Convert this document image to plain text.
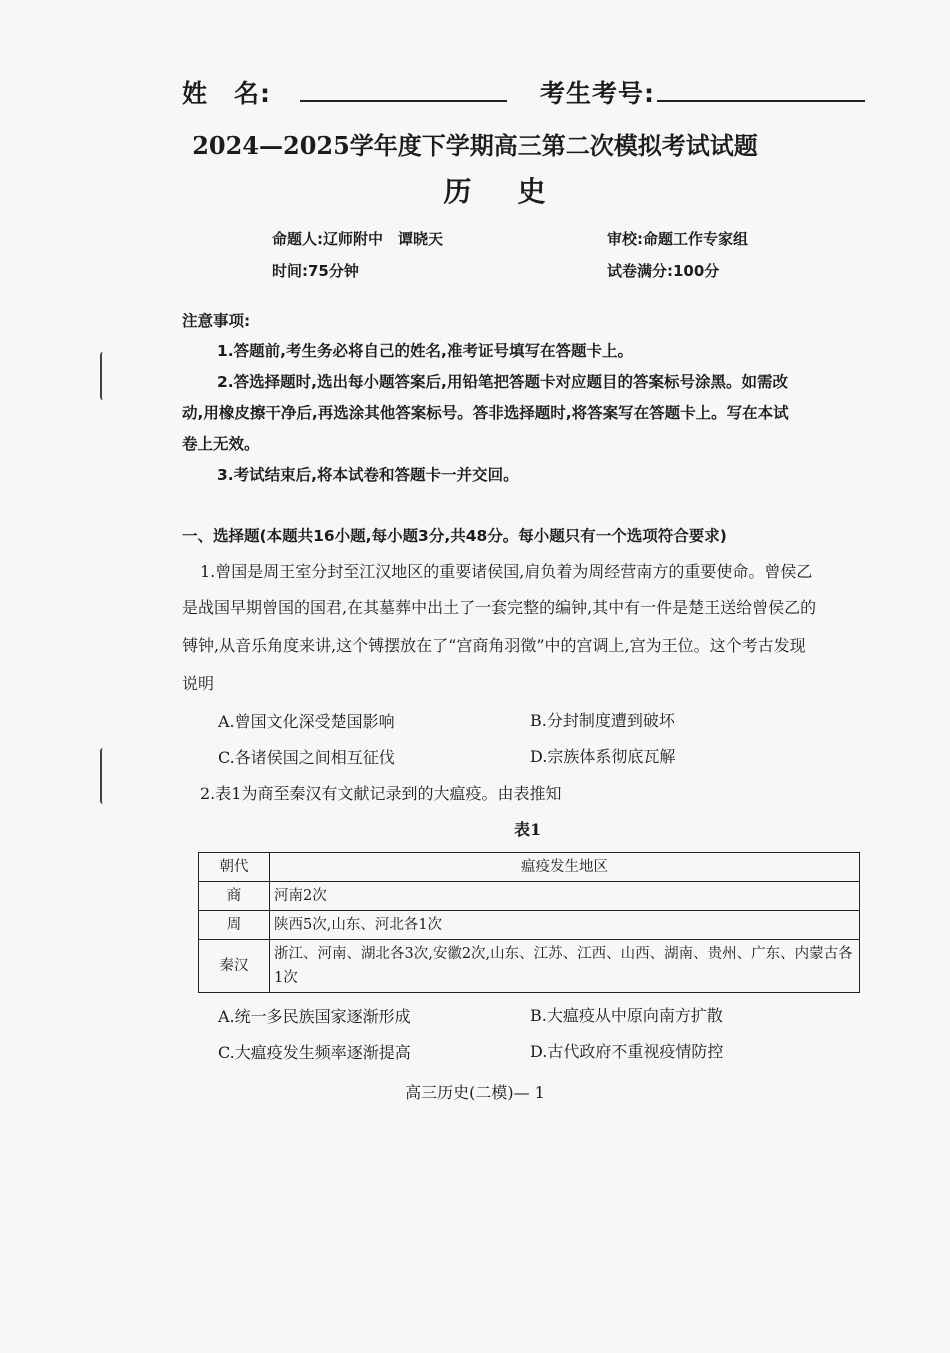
姓　名:	考生考号:
2024—2025学年度下学期高三第二次模拟考试试题
历史
命题人:辽师附中　谭晓天	审校:命题工作专家组
时间:75分钟	试卷满分:100分
注意事项:
1.答题前,考生务必将自己的姓名,准考证号填写在答题卡上。
2.答选择题时,选出每小题答案后,用铅笔把答题卡对应题目的答案标号涂黑。如需改
动,用橡皮擦干净后,再选涂其他答案标号。答非选择题时,将答案写在答题卡上。写在本试
卷上无效。
3.考试结束后,将本试卷和答题卡一并交回。
一、选择题(本题共16小题,每小题3分,共48分。每小题只有一个选项符合要求)
1.曾国是周王室分封至江汉地区的重要诸侯国,肩负着为周经营南方的重要使命。曾侯乙
是战国早期曾国的国君,在其墓葬中出土了一套完整的编钟,其中有一件是楚王送给曾侯乙的
镈钟,从音乐角度来讲,这个镈摆放在了“宫商角羽徵”中的宫调上,宫为王位。这个考古发现
说明
A.曾国文化深受楚国影响	B.分封制度遭到破坏
C.各诸侯国之间相互征伐	D.宗族体系彻底瓦解
2.表1为商至秦汉有文献记录到的大瘟疫。由表推知
表1
朝代	瘟疫发生地区
商	河南2次
周	陕西5次,山东、河北各1次
秦汉	浙江、河南、湖北各3次,安徽2次,山东、江苏、江西、山西、湖南、贵州、广东、内蒙古各1次
A.统一多民族国家逐渐形成	B.大瘟疫从中原向南方扩散
C.大瘟疫发生频率逐渐提高	D.古代政府不重视疫情防控
高三历史(二模)— 1
